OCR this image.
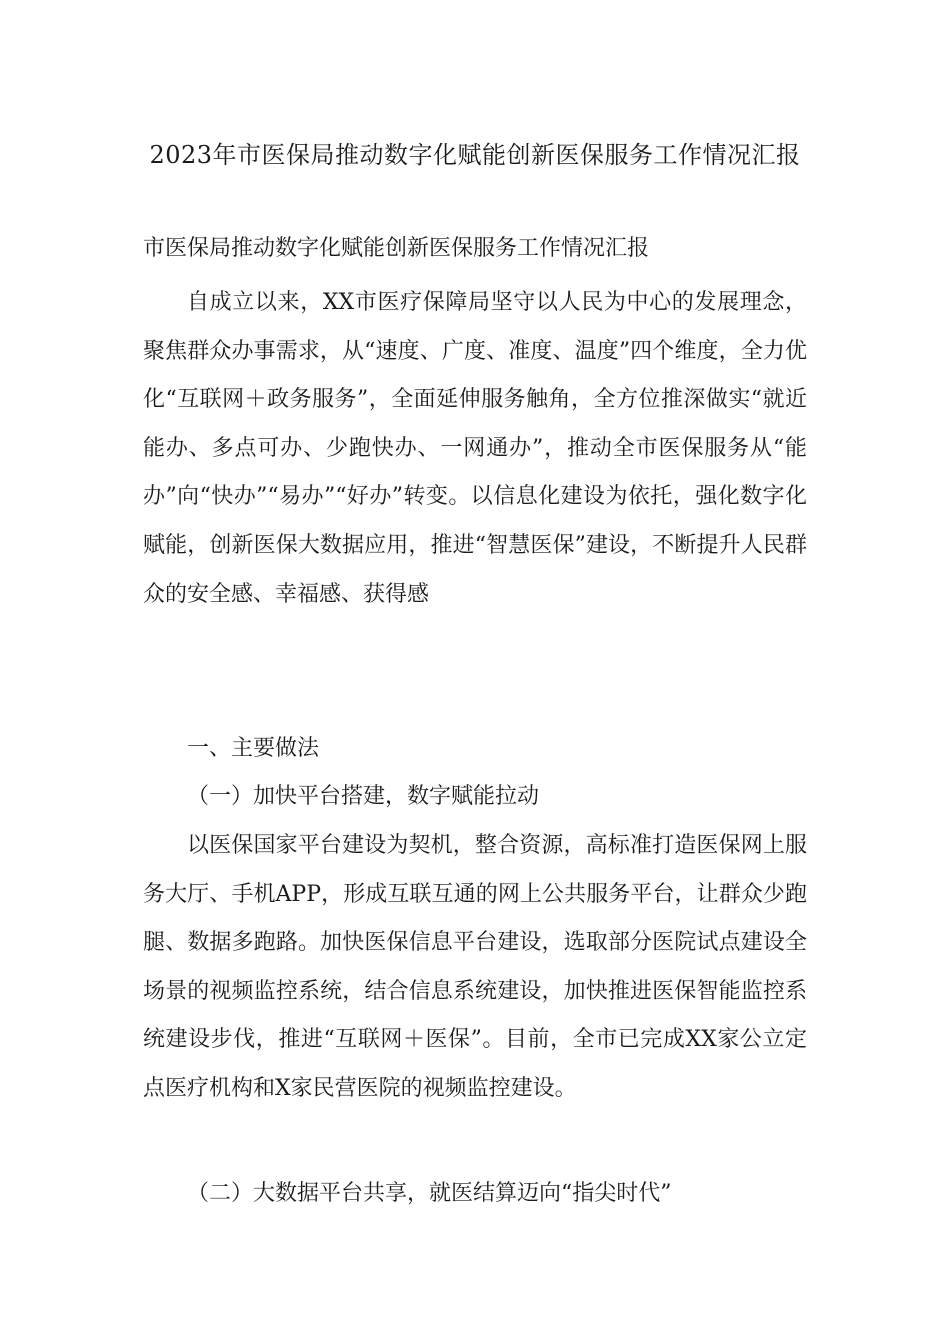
2023年市医保局推动数字化赋能创新医保服务工作情况汇报
市医保局推动数字化赋能创新医保服务工作情况汇报

自成立以来，XX市医疗保障局坚守以人民为中心的发展理念，聚焦群众办事需求，从“速度、广度、准度、温度”四个维度，全力优化“互联网＋政务服务”，全面延伸服务触角，全方位推深做实“就近能办、多点可办、少跑快办、一网通办”，推动全市医保服务从“能办”向“快办”“易办”“好办”转变。以信息化建设为依托，强化数字化赋能，创新医保大数据应用，推进“智慧医保”建设，不断提升人民群众的安全感、幸福感、获得感

一、主要做法
（一）加快平台搭建，数字赋能拉动

以医保国家平台建设为契机，整合资源，高标准打造医保网上服务大厅、手机APP，形成互联互通的网上公共服务平台，让群众少跑腿、数据多跑路。加快医保信息平台建设，选取部分医院试点建设全场景的视频监控系统，结合信息系统建设，加快推进医保智能监控系统建设步伐，推进“互联网＋医保”。目前，全市已完成XX家公立定点医疗机构和X家民营医院的视频监控建设。

（二）大数据平台共享，就医结算迈向“指尖时代”
